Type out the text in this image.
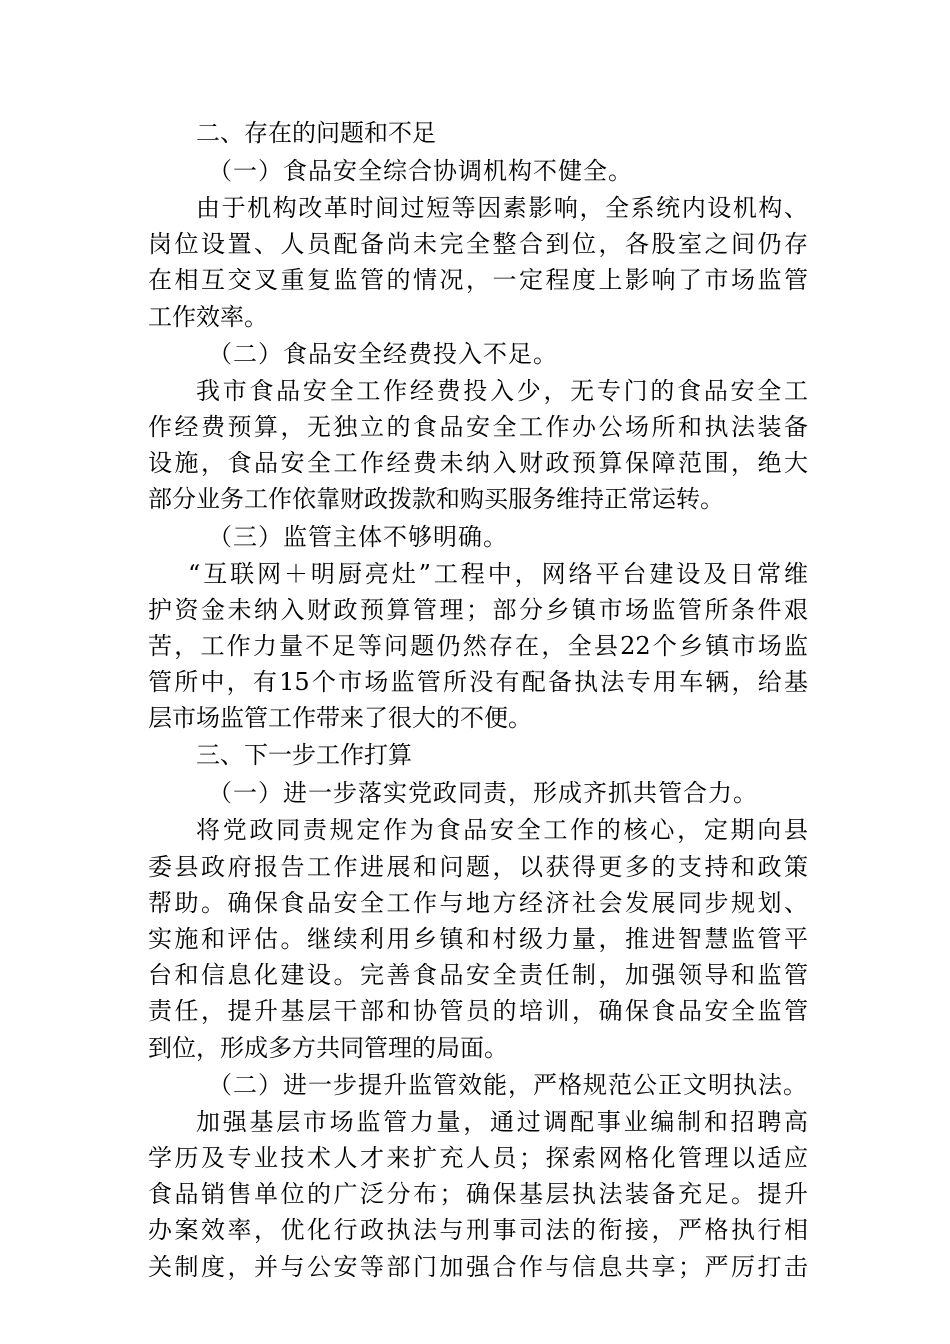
二、存在的问题和不足
（一）食品安全综合协调机构不健全。
由于机构改革时间过短等因素影响，全系统内设机构、
岗位设置、人员配备尚未完全整合到位，各股室之间仍存
在相互交叉重复监管的情况，一定程度上影响了市场监管
工作效率。
（二）食品安全经费投入不足。
我市食品安全工作经费投入少，无专门的食品安全工
作经费预算，无独立的食品安全工作办公场所和执法装备
设施，食品安全工作经费未纳入财政预算保障范围，绝大
部分业务工作依靠财政拨款和购买服务维持正常运转。
（三）监管主体不够明确。
“互联网＋明厨亮灶”工程中，网络平台建设及日常维
护资金未纳入财政预算管理；部分乡镇市场监管所条件艰
苦，工作力量不足等问题仍然存在，全县22个乡镇市场监
管所中，有15个市场监管所没有配备执法专用车辆，给基
层市场监管工作带来了很大的不便。
三、下一步工作打算
（一）进一步落实党政同责，形成齐抓共管合力。
将党政同责规定作为食品安全工作的核心，定期向县
委县政府报告工作进展和问题，以获得更多的支持和政策
帮助。确保食品安全工作与地方经济社会发展同步规划、
实施和评估。继续利用乡镇和村级力量，推进智慧监管平
台和信息化建设。完善食品安全责任制，加强领导和监管
责任，提升基层干部和协管员的培训，确保食品安全监管
到位，形成多方共同管理的局面。
（二）进一步提升监管效能，严格规范公正文明执法。
加强基层市场监管力量，通过调配事业编制和招聘高
学历及专业技术人才来扩充人员；探索网格化管理以适应
食品销售单位的广泛分布；确保基层执法装备充足。提升
办案效率，优化行政执法与刑事司法的衔接，严格执行相
关制度，并与公安等部门加强合作与信息共享；严厉打击
